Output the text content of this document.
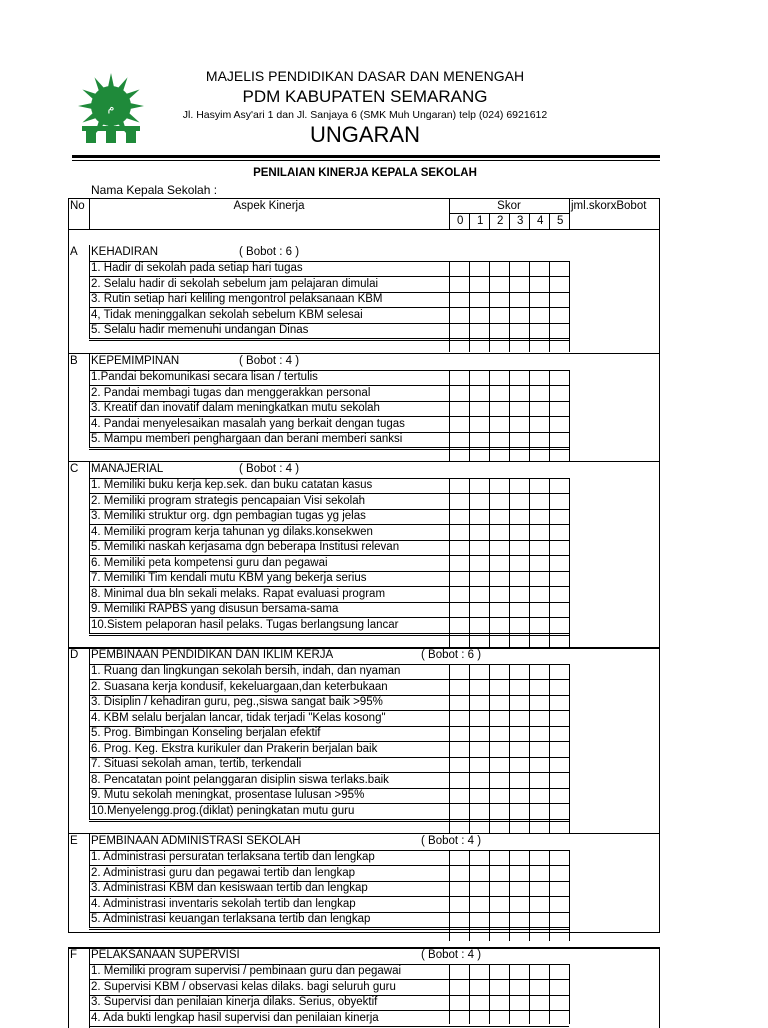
م
MAJELIS PENDIDIKAN DASAR DAN MENENGAH
PDM KABUPATEN SEMARANG
Jl. Hasyim Asy'ari 1 dan Jl. Sanjaya 6 (SMK Muh Ungaran) telp (024) 6921612
UNGARAN
PENILAIAN KINERJA KEPALA SEKOLAH
Nama Kepala Sekolah :
No	Aspek Kinerja	Skor	jml.skorxBobot
0 1 2 3 4 5
A KEHADIRAN	( Bobot : 6 )
1. Hadir di sekolah pada setiap hari tugas
2. Selalu hadir di sekolah sebelum jam pelajaran dimulai
3. Rutin setiap hari keliling mengontrol pelaksanaan KBM
4, Tidak meninggalkan sekolah sebelum KBM selesai
5. Selalu hadir memenuhi undangan Dinas
B KEPEMIMPINAN	( Bobot : 4 )
1.Pandai bekomunikasi secara lisan / tertulis
2. Pandai membagi tugas dan menggerakkan personal
3. Kreatif dan inovatif dalam meningkatkan mutu sekolah
4. Pandai menyelesaikan masalah yang berkait dengan tugas
5. Mampu memberi penghargaan dan berani memberi sanksi
C MANAJERIAL	( Bobot : 4 )
1. Memiliki buku kerja kep.sek. dan buku catatan kasus
2. Memiliki program strategis pencapaian Visi sekolah
3. Memiliki struktur org. dgn pembagian tugas yg jelas
4. Memiliki program kerja tahunan yg dilaks.konsekwen
5. Memiliki naskah kerjasama dgn beberapa Institusi relevan
6. Memiliki peta kompetensi guru dan pegawai
7. Memiliki Tim kendali mutu KBM yang bekerja serius
8. Minimal dua bln sekali melaks. Rapat evaluasi program
9. Memiliki RAPBS yang disusun bersama-sama
10.Sistem pelaporan hasil pelaks. Tugas berlangsung lancar
D PEMBINAAN PENDIDIKAN DAN IKLIM KERJA	( Bobot : 6 )
1. Ruang dan lingkungan sekolah bersih, indah, dan nyaman
2. Suasana kerja kondusif, kekeluargaan,dan keterbukaan
3. Disiplin / kehadiran guru, peg.,siswa sangat baik >95%
4. KBM selalu berjalan lancar, tidak terjadi "Kelas kosong"
5. Prog. Bimbingan Konseling berjalan efektif
6. Prog. Keg. Ekstra kurikuler dan Prakerin berjalan baik
7. Situasi sekolah aman, tertib, terkendali
8. Pencatatan point pelanggaran disiplin siswa terlaks.baik
9. Mutu sekolah meningkat, prosentase lulusan >95%
10.Menyelengg.prog.(diklat) peningkatan mutu guru
E PEMBINAAN ADMINISTRASI SEKOLAH	( Bobot : 4 )
1. Administrasi persuratan terlaksana tertib dan lengkap
2. Administrasi guru dan pegawai tertib dan lengkap
3. Administrasi KBM dan kesiswaan tertib dan lengkap
4. Administrasi inventaris sekolah tertib dan lengkap
5. Administrasi keuangan terlaksana tertib dan lengkap
F PELAKSANAAN SUPERVISI	( Bobot : 4 )
1. Memiliki program supervisi / pembinaan guru dan pegawai
2. Supervisi KBM / observasi kelas dilaks. bagi seluruh guru
3. Supervisi dan penilaian kinerja dilaks. Serius, obyektif
4. Ada bukti lengkap hasil supervisi dan penilaian kinerja
